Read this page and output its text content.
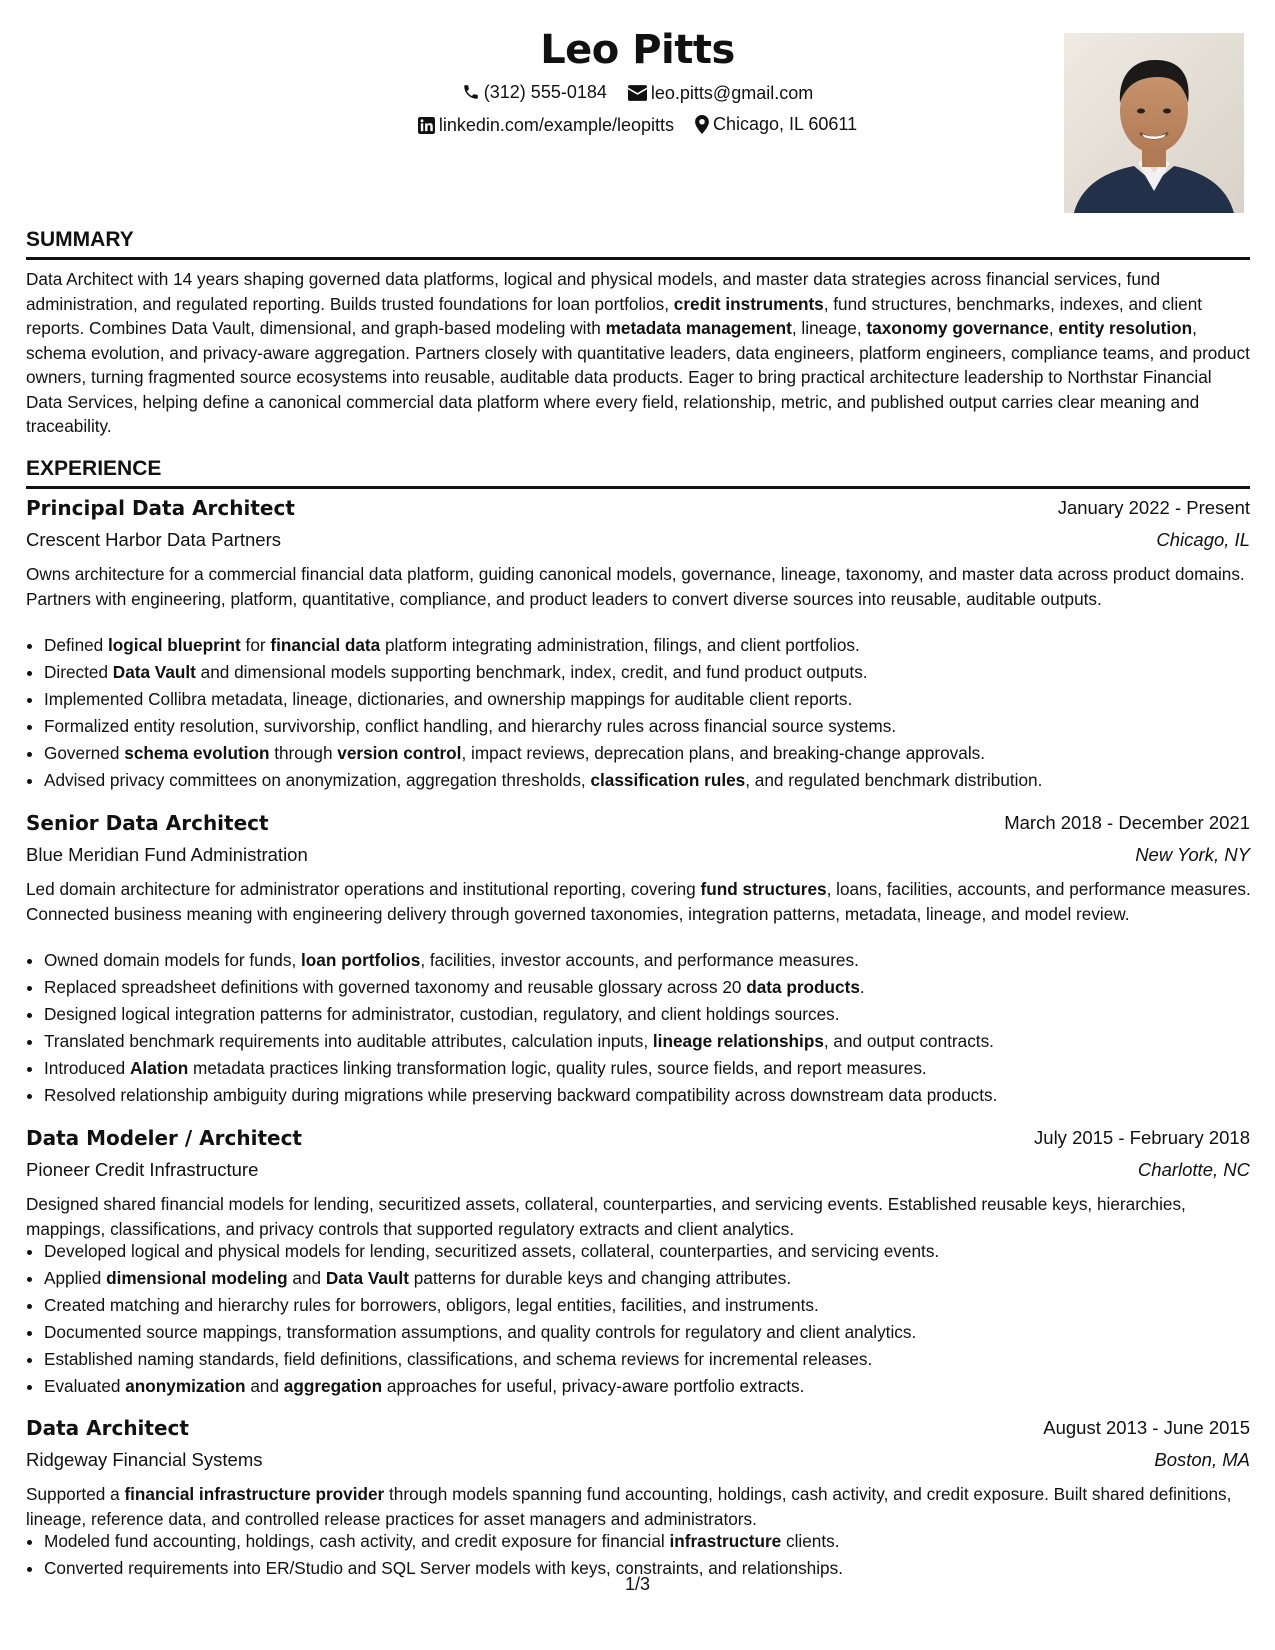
Leo Pitts
(312) 555-0184
leo.pitts@gmail.com
linkedin.com/example/leopitts
Chicago, IL 60611
SUMMARY
Data Architect with 14 years shaping governed data platforms, logical and physical models, and master data strategies across financial services, fund administration, and regulated reporting. Builds trusted foundations for loan portfolios, credit instruments, fund structures, benchmarks, indexes, and client reports. Combines Data Vault, dimensional, and graph-based modeling with metadata management, lineage, taxonomy governance, entity resolution, schema evolution, and privacy-aware aggregation. Partners closely with quantitative leaders, data engineers, platform engineers, compliance teams, and product owners, turning fragmented source ecosystems into reusable, auditable data products. Eager to bring practical architecture leadership to Northstar Financial Data Services, helping define a canonical commercial data platform where every field, relationship, metric, and published output carries clear meaning and traceability.
EXPERIENCE
Principal Data Architect	January 2022 - Present
Crescent Harbor Data Partners	Chicago, IL
Owns architecture for a commercial financial data platform, guiding canonical models, governance, lineage, taxonomy, and master data across product domains. Partners with engineering, platform, quantitative, compliance, and product leaders to convert diverse sources into reusable, auditable outputs.
• Defined logical blueprint for financial data platform integrating administration, filings, and client portfolios.
• Directed Data Vault and dimensional models supporting benchmark, index, credit, and fund product outputs.
• Implemented Collibra metadata, lineage, dictionaries, and ownership mappings for auditable client reports.
• Formalized entity resolution, survivorship, conflict handling, and hierarchy rules across financial source systems.
• Governed schema evolution through version control, impact reviews, deprecation plans, and breaking-change approvals.
• Advised privacy committees on anonymization, aggregation thresholds, classification rules, and regulated benchmark distribution.
Senior Data Architect	March 2018 - December 2021
Blue Meridian Fund Administration	New York, NY
Led domain architecture for administrator operations and institutional reporting, covering fund structures, loans, facilities, accounts, and performance measures. Connected business meaning with engineering delivery through governed taxonomies, integration patterns, metadata, lineage, and model review.
• Owned domain models for funds, loan portfolios, facilities, investor accounts, and performance measures.
• Replaced spreadsheet definitions with governed taxonomy and reusable glossary across 20 data products.
• Designed logical integration patterns for administrator, custodian, regulatory, and client holdings sources.
• Translated benchmark requirements into auditable attributes, calculation inputs, lineage relationships, and output contracts.
• Introduced Alation metadata practices linking transformation logic, quality rules, source fields, and report measures.
• Resolved relationship ambiguity during migrations while preserving backward compatibility across downstream data products.
Data Modeler / Architect	July 2015 - February 2018
Pioneer Credit Infrastructure	Charlotte, NC
Designed shared financial models for lending, securitized assets, collateral, counterparties, and servicing events. Established reusable keys, hierarchies, mappings, classifications, and privacy controls that supported regulatory extracts and client analytics.
• Developed logical and physical models for lending, securitized assets, collateral, counterparties, and servicing events.
• Applied dimensional modeling and Data Vault patterns for durable keys and changing attributes.
• Created matching and hierarchy rules for borrowers, obligors, legal entities, facilities, and instruments.
• Documented source mappings, transformation assumptions, and quality controls for regulatory and client analytics.
• Established naming standards, field definitions, classifications, and schema reviews for incremental releases.
• Evaluated anonymization and aggregation approaches for useful, privacy-aware portfolio extracts.
Data Architect	August 2013 - June 2015
Ridgeway Financial Systems	Boston, MA
Supported a financial infrastructure provider through models spanning fund accounting, holdings, cash activity, and credit exposure. Built shared definitions, lineage, reference data, and controlled release practices for asset managers and administrators.
• Modeled fund accounting, holdings, cash activity, and credit exposure for financial infrastructure clients.
• Converted requirements into ER/Studio and SQL Server models with keys, constraints, and relationships.
1/3
